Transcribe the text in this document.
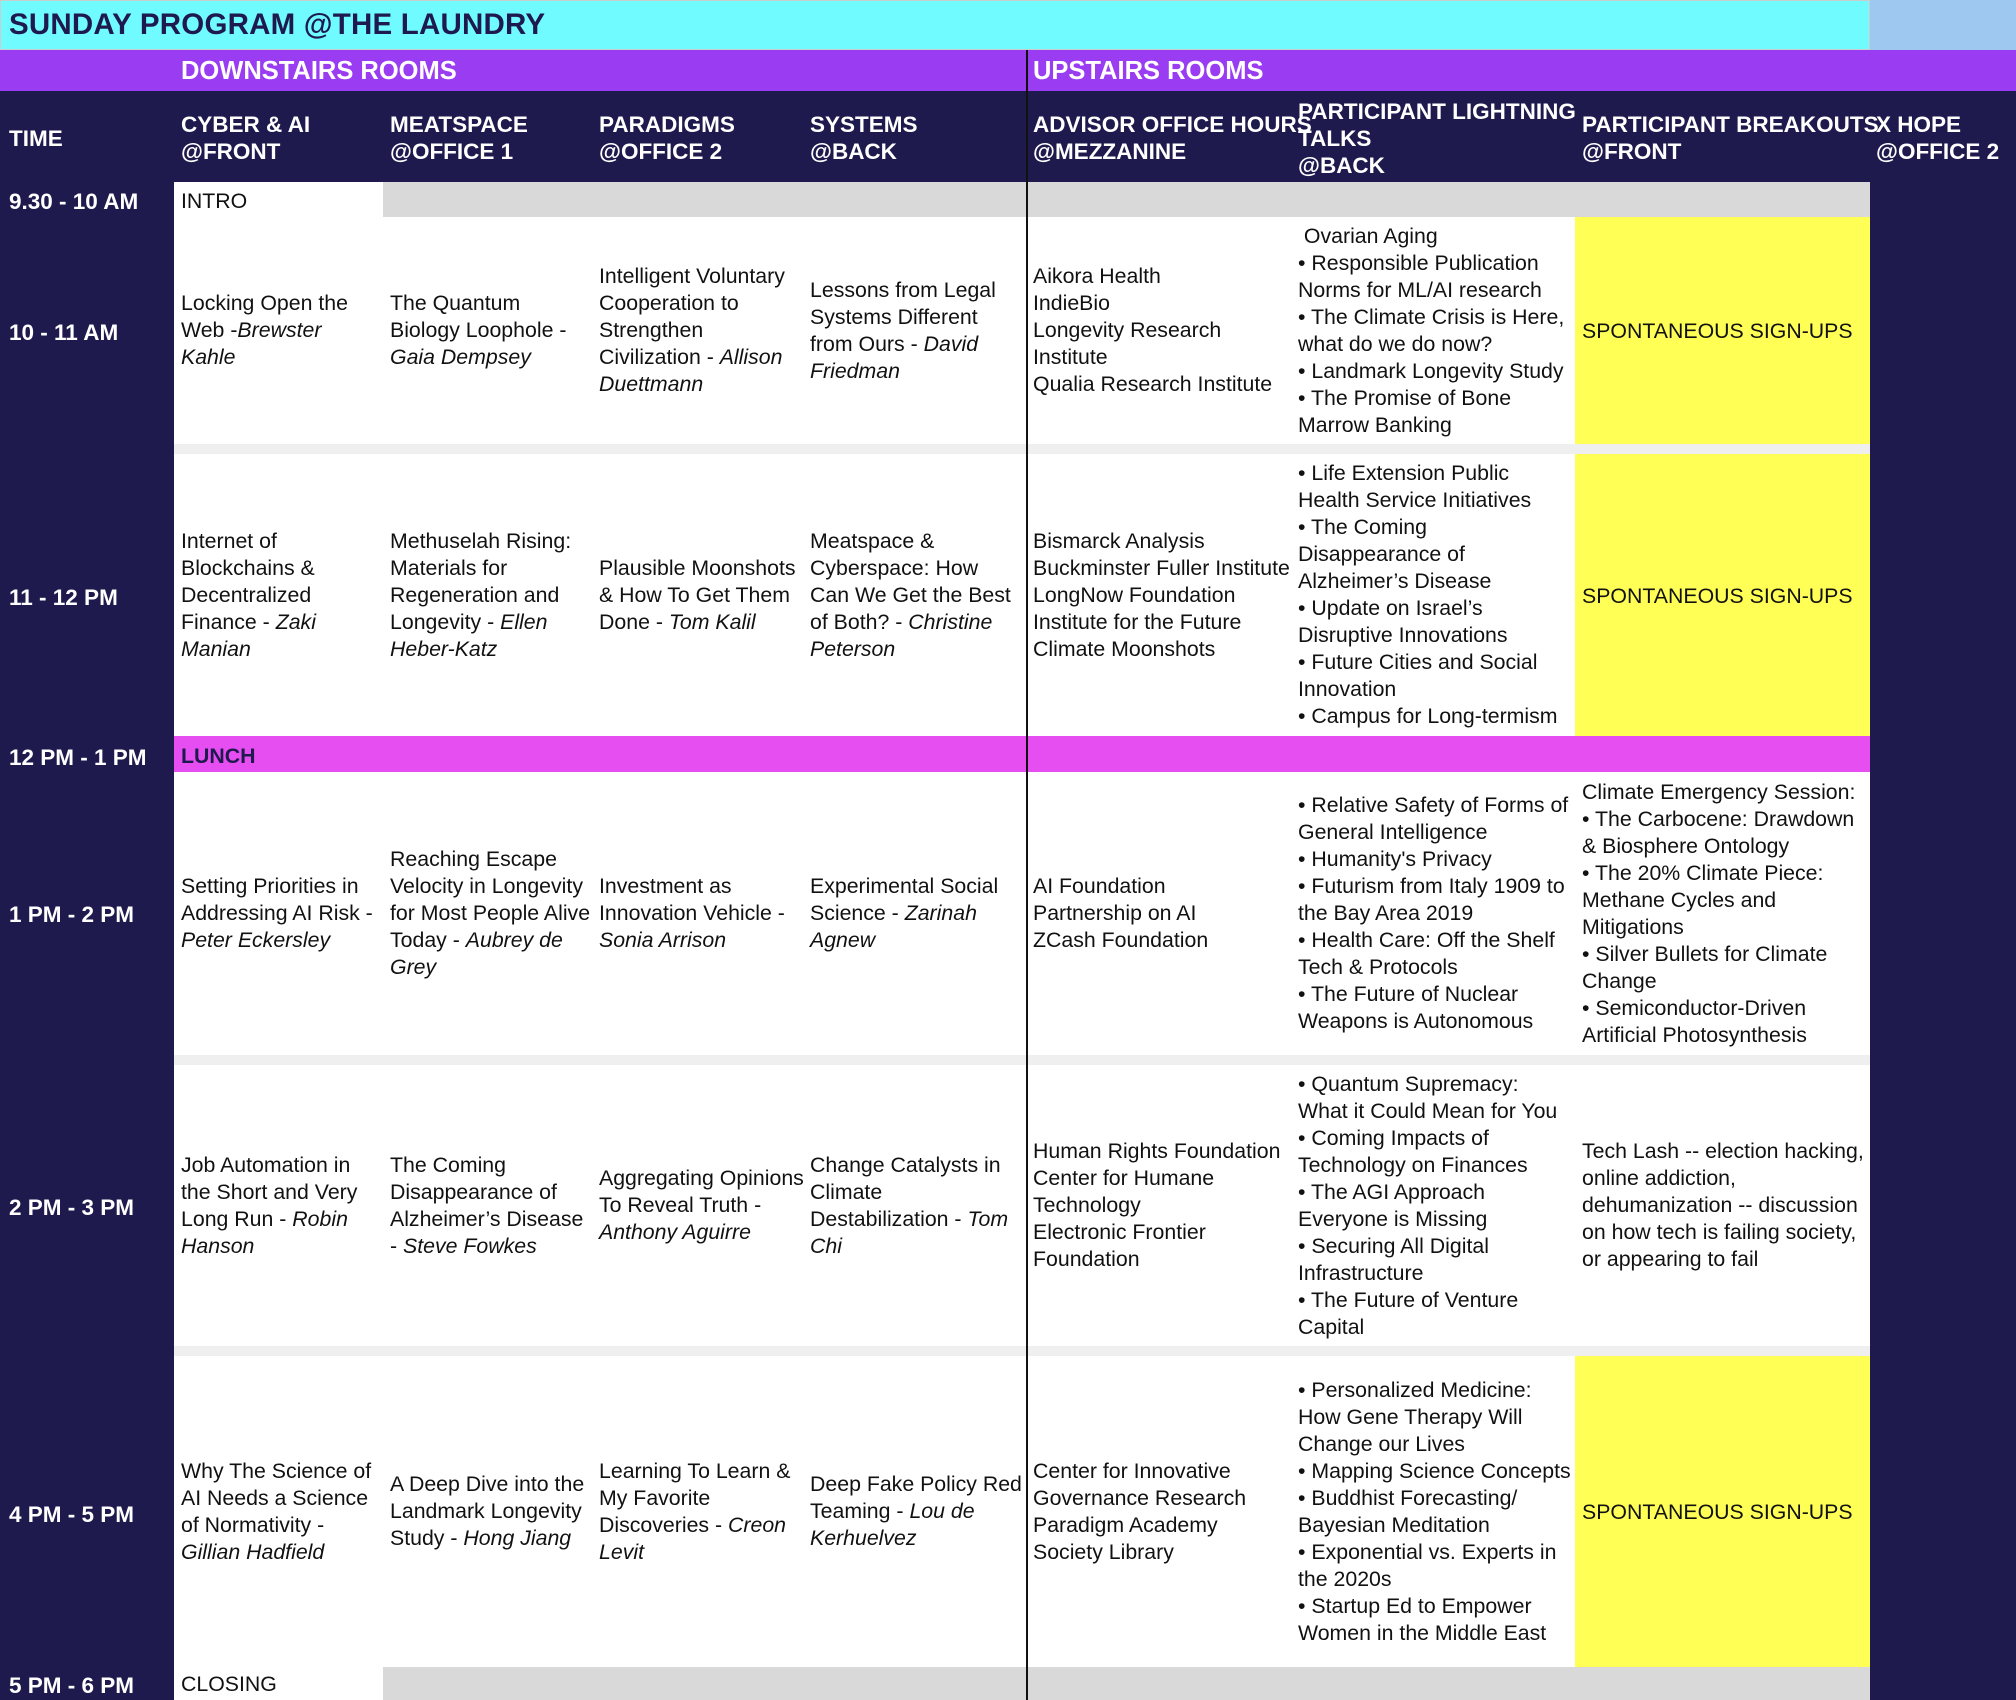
SUNDAY PROGRAM @THE LAUNDRY
DOWNSTAIRS ROOMS	UPSTAIRS ROOMS
TIME
CYBER & AI
@FRONT
MEATSPACE
@OFFICE 1
PARADIGMS
@OFFICE 2
SYSTEMS
@BACK
ADVISOR OFFICE HOURS
@MEZZANINE
PARTICIPANT LIGHTNING
TALKS
@BACK
PARTICIPANT BREAKOUTS
@FRONT
X HOPE
@OFFICE 2
9.30 - 10 AM
10 - 11 AM
11 - 12 PM
12 PM - 1 PM
1 PM - 2 PM
2 PM - 3 PM
4 PM - 5 PM
5 PM - 6 PM
INTRO
SPONTANEOUS SIGN-UPS
SPONTANEOUS SIGN-UPS
SPONTANEOUS SIGN-UPS
LUNCH
CLOSING
Locking Open the Web -Brewster Kahle
The Quantum Biology Loophole - Gaia Dempsey
Intelligent Voluntary Cooperation to Strengthen Civilization - Allison Duettmann
Lessons from Legal Systems Different from Ours - David Friedman
Aikora Health
IndieBio
Longevity Research Institute
Qualia Research Institute
Ovarian Aging
• Responsible Publication Norms for ML/AI research
• The Climate Crisis is Here, what do we do now?
• Landmark Longevity Study
• The Promise of Bone Marrow Banking
Internet of Blockchains & Decentralized Finance - Zaki Manian
Methuselah Rising: Materials for Regeneration and Longevity - Ellen Heber-Katz
Plausible Moonshots & How To Get Them Done - Tom Kalil
Meatspace & Cyberspace: How Can We Get the Best of Both? - Christine Peterson
Bismarck Analysis
Buckminster Fuller Institute
LongNow Foundation
Institute for the Future
Climate Moonshots
• Life Extension Public Health Service Initiatives
• The Coming Disappearance of Alzheimer’s Disease
• Update on Israel’s Disruptive Innovations
• Future Cities and Social Innovation
• Campus for Long-termism
Setting Priorities in Addressing AI Risk - Peter Eckersley
Reaching Escape Velocity in Longevity for Most People Alive Today - Aubrey de Grey
Investment as Innovation Vehicle - Sonia Arrison
Experimental Social Science - Zarinah Agnew
AI Foundation
Partnership on AI
ZCash Foundation
• Relative Safety of Forms of General Intelligence
• Humanity's Privacy
• Futurism from Italy 1909 to the Bay Area 2019
• Health Care: Off the Shelf Tech & Protocols
• The Future of Nuclear Weapons is Autonomous
Climate Emergency Session:
• The Carbocene: Drawdown & Biosphere Ontology
• The 20% Climate Piece: Methane Cycles and Mitigations
• Silver Bullets for Climate Change
• Semiconductor-Driven Artificial Photosynthesis
Job Automation in the Short and Very Long Run - Robin Hanson
The Coming Disappearance of Alzheimer’s Disease - Steve Fowkes
Aggregating Opinions To Reveal Truth - Anthony Aguirre
Change Catalysts in Climate Destabilization - Tom Chi
Human Rights Foundation
Center for Humane Technology
Electronic Frontier Foundation
• Quantum Supremacy: What it Could Mean for You
• Coming Impacts of Technology on Finances
• The AGI Approach Everyone is Missing
• Securing All Digital Infrastructure
• The Future of Venture Capital
Tech Lash -- election hacking, online addiction, dehumanization -- discussion on how tech is failing society, or appearing to fail
Why The Science of AI Needs a Science of Normativity - Gillian Hadfield
A Deep Dive into the Landmark Longevity Study - Hong Jiang
Learning To Learn & My Favorite Discoveries - Creon Levit
Deep Fake Policy Red Teaming - Lou de Kerhuelvez
Center for Innovative Governance Research
Paradigm Academy
Society Library
• Personalized Medicine: How Gene Therapy Will Change our Lives
• Mapping Science Concepts
• Buddhist Forecasting/ Bayesian Meditation
• Exponential vs. Experts in the 2020s
• Startup Ed to Empower Women in the Middle East
